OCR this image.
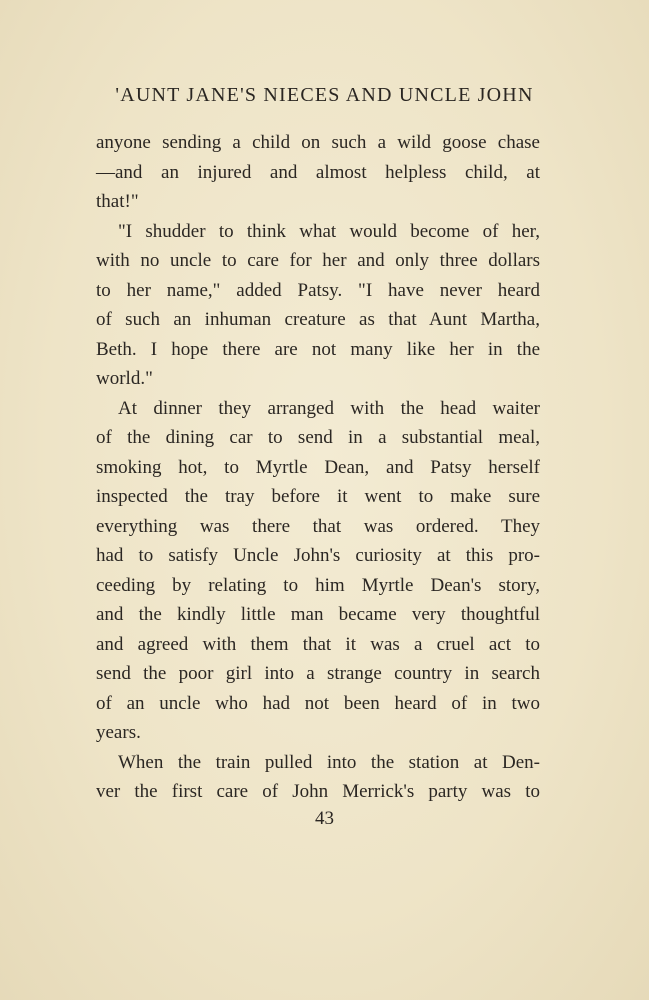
'AUNT JANE'S NIECES AND UNCLE JOHN
anyone sending a child on such a wild goose chase
—and an injured and almost helpless child, at
that!"
"I shudder to think what would become of her,
with no uncle to care for her and only three dollars
to her name," added Patsy. "I have never heard
of such an inhuman creature as that Aunt Martha,
Beth. I hope there are not many like her in the
world."
At dinner they arranged with the head waiter
of the dining car to send in a substantial meal,
smoking hot, to Myrtle Dean, and Patsy herself
inspected the tray before it went to make sure
everything was there that was ordered. They
had to satisfy Uncle John's curiosity at this pro-
ceeding by relating to him Myrtle Dean's story,
and the kindly little man became very thoughtful
and agreed with them that it was a cruel act to
send the poor girl into a strange country in search
of an uncle who had not been heard of in two
years.
When the train pulled into the station at Den-
ver the first care of John Merrick's party was to
43
